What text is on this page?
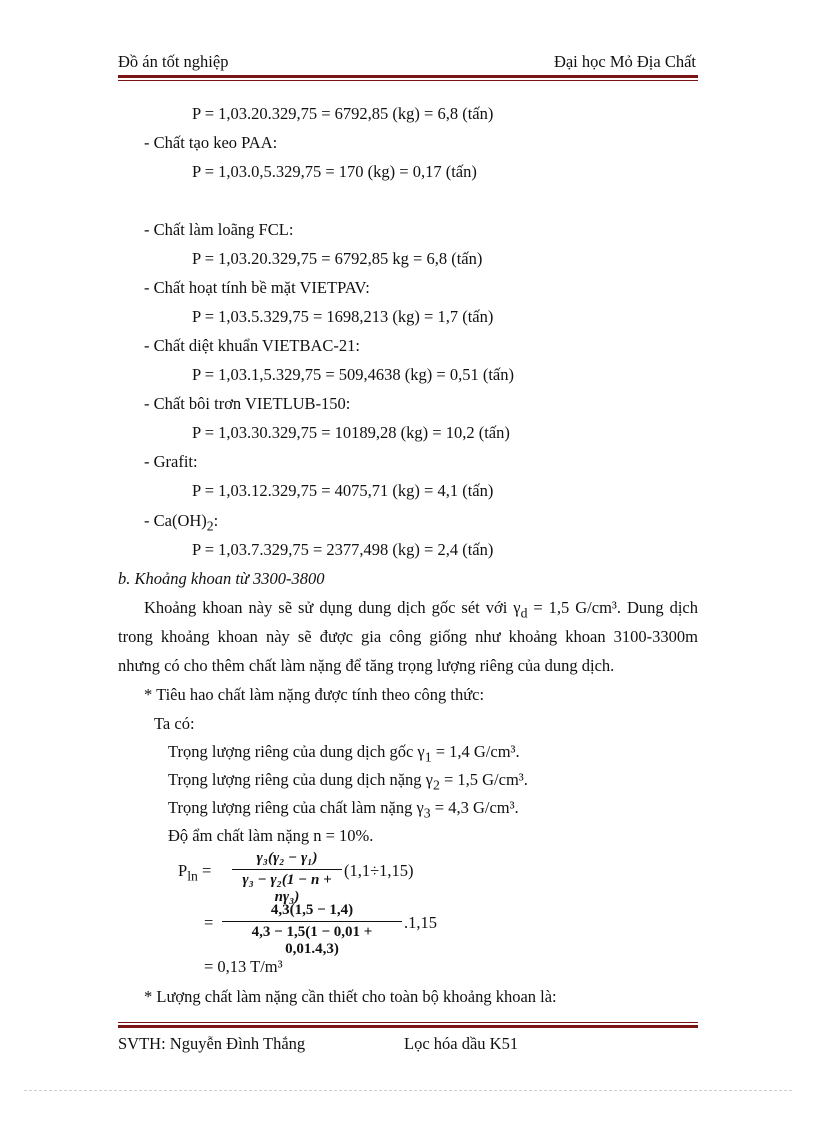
Đồ án tốt nghiệp	Đại học Mỏ Địa Chất
P = 1,03.20.329,75 = 6792,85 (kg) = 6,8 (tấn)
- Chất tạo keo PAA:
P = 1,03.0,5.329,75 = 170 (kg) = 0,17 (tấn)
- Chất làm loãng FCL:
P = 1,03.20.329,75 = 6792,85 kg = 6,8 (tấn)
- Chất hoạt tính bề mặt VIETPAV:
P = 1,03.5.329,75 = 1698,213 (kg) = 1,7 (tấn)
- Chất diệt khuẩn VIETBAC-21:
P = 1,03.1,5.329,75 = 509,4638 (kg) = 0,51 (tấn)
- Chất bôi trơn VIETLUB-150:
P = 1,03.30.329,75 = 10189,28 (kg) = 10,2 (tấn)
- Grafit:
P = 1,03.12.329,75 = 4075,71 (kg) = 4,1 (tấn)
- $Ca(OH)_2$:
P = 1,03.7.329,75 = 2377,498 (kg) = 2,4 (tấn)
b. Khoảng khoan từ 3300-3800
Khoảng khoan này sẽ sử dụng dung dịch gốc sét với $\gamma_d = 1,5$ G/cm³. Dung dịch
trong khoảng khoan này sẽ được gia công giống như khoảng khoan 3100-3300m
nhưng có cho thêm chất làm nặng để tăng trọng lượng riêng của dung dịch.
* Tiêu hao chất làm nặng được tính theo công thức:
Ta có:
Trọng lượng riêng của dung dịch gốc $\gamma_1 = 1,4$ G/cm³.
Trọng lượng riêng của dung dịch nặng $\gamma_2 = 1,5$ G/cm³.
Trọng lượng riêng của chất làm nặng $\gamma_3 = 4,3$ G/cm³.
Độ ẩm chất làm nặng n = 10%.
$P_{ln}$ =
γ₃(γ₂ − γ₁)
γ₃ − γ₂(1 − n + nγ₃)
(1,1÷1,15)
=
4,3(1,5 − 1,4)
4,3 − 1,5(1 − 0,01 + 0,01.4,3)
.1,15
= 0,13 T/m³
* Lượng chất làm nặng cần thiết cho toàn bộ khoảng khoan là:
SVTH: Nguyễn Đình Thắng	Lọc hóa dầu K51
